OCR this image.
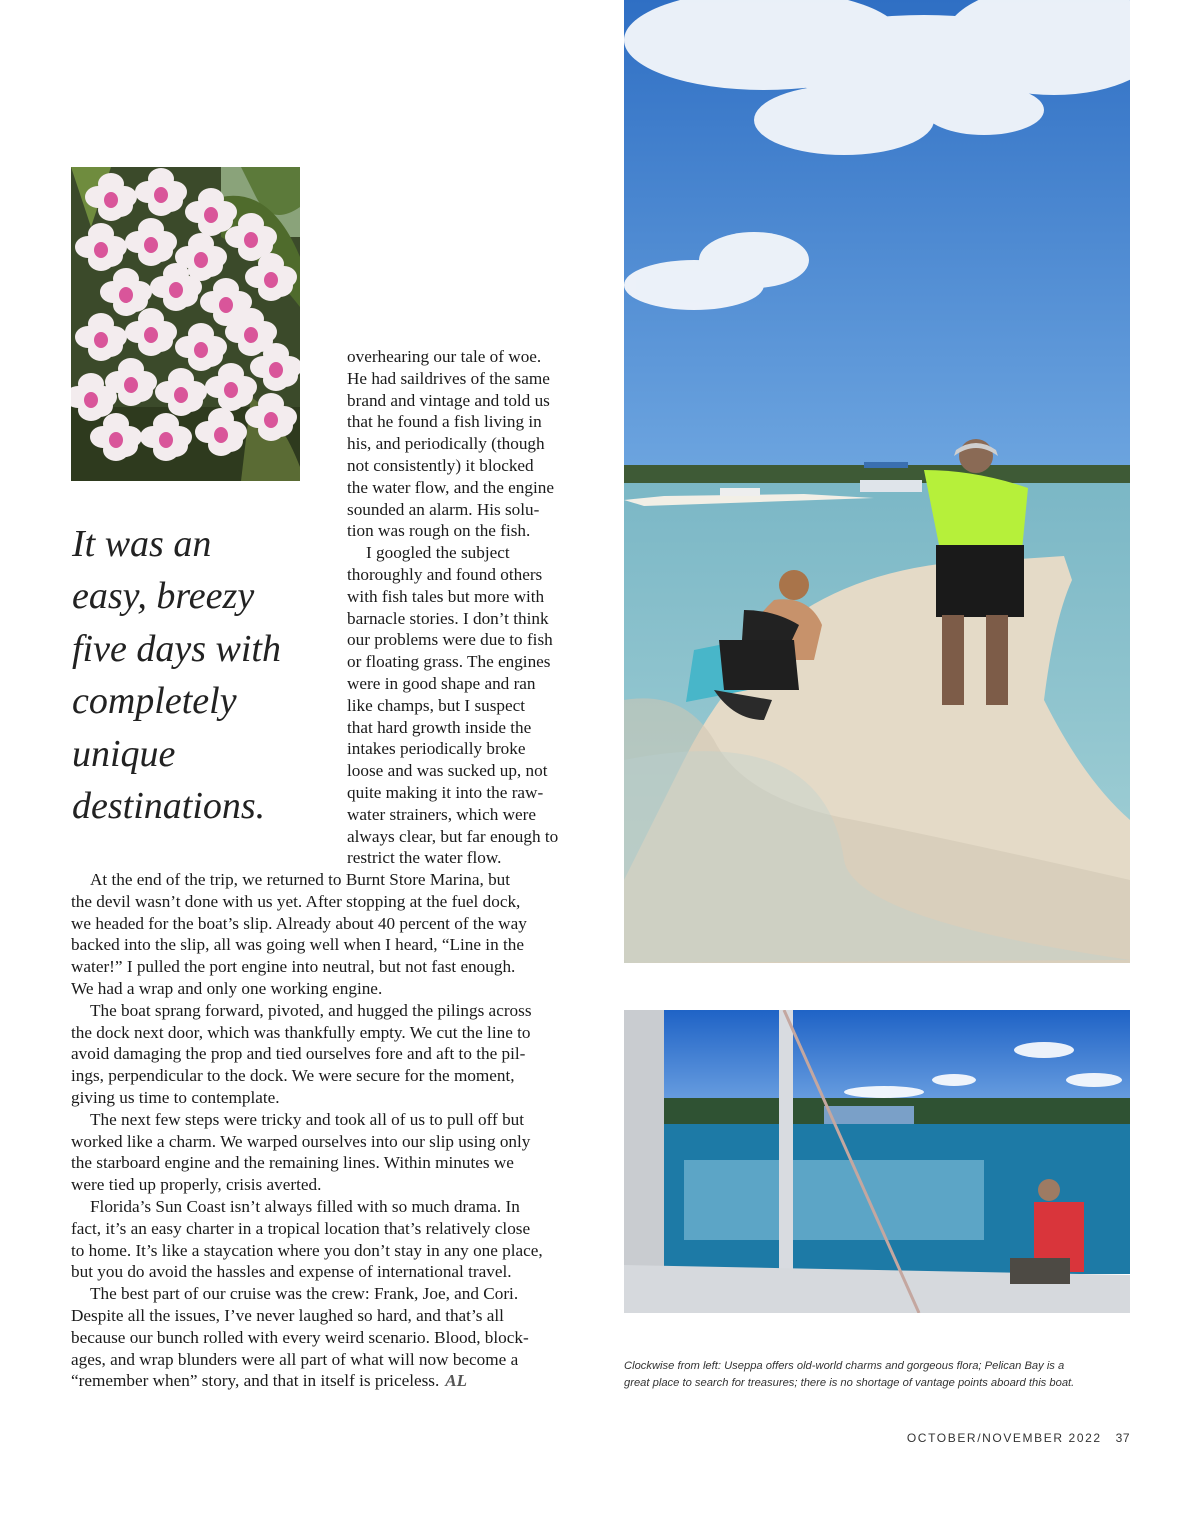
It was an
easy, breezy
five days with
completely
unique
destinations.
overhearing our tale of woe.
He had saildrives of the same
brand and vintage and told us
that he found a fish living in
his, and periodically (though
not consistently) it blocked
the water flow, and the engine
sounded an alarm. His solu-
tion was rough on the fish.
I googled the subject
thoroughly and found others
with fish tales but more with
barnacle stories. I don’t think
our problems were due to fish
or floating grass. The engines
were in good shape and ran
like champs, but I suspect
that hard growth inside the
intakes periodically broke
loose and was sucked up, not
quite making it into the raw-
water strainers, which were
always clear, but far enough to
restrict the water flow.
At the end of the trip, we returned to Burnt Store Marina, but
the devil wasn’t done with us yet. After stopping at the fuel dock,
we headed for the boat’s slip. Already about 40 percent of the way
backed into the slip, all was going well when I heard, “Line in the
water!” I pulled the port engine into neutral, but not fast enough.
We had a wrap and only one working engine.
The boat sprang forward, pivoted, and hugged the pilings across
the dock next door, which was thankfully empty. We cut the line to
avoid damaging the prop and tied ourselves fore and aft to the pil-
ings, perpendicular to the dock. We were secure for the moment,
giving us time to contemplate.
The next few steps were tricky and took all of us to pull off but
worked like a charm. We warped ourselves into our slip using only
the starboard engine and the remaining lines. Within minutes we
were tied up properly, crisis averted.
Florida’s Sun Coast isn’t always filled with so much drama. In
fact, it’s an easy charter in a tropical location that’s relatively close
to home. It’s like a staycation where you don’t stay in any one place,
but you do avoid the hassles and expense of international travel.
The best part of our cruise was the crew: Frank, Joe, and Cori.
Despite all the issues, I’ve never laughed so hard, and that’s all
because our bunch rolled with every weird scenario. Blood, block-
ages, and wrap blunders were all part of what will now become a
“remember when” story, and that in itself is priceless. AL
Clockwise from left: Useppa offers old-world charms and gorgeous flora; Pelican Bay is a
great place to search for treasures; there is no shortage of vantage points aboard this boat.
OCTOBER/NOVEMBER 2022 37
